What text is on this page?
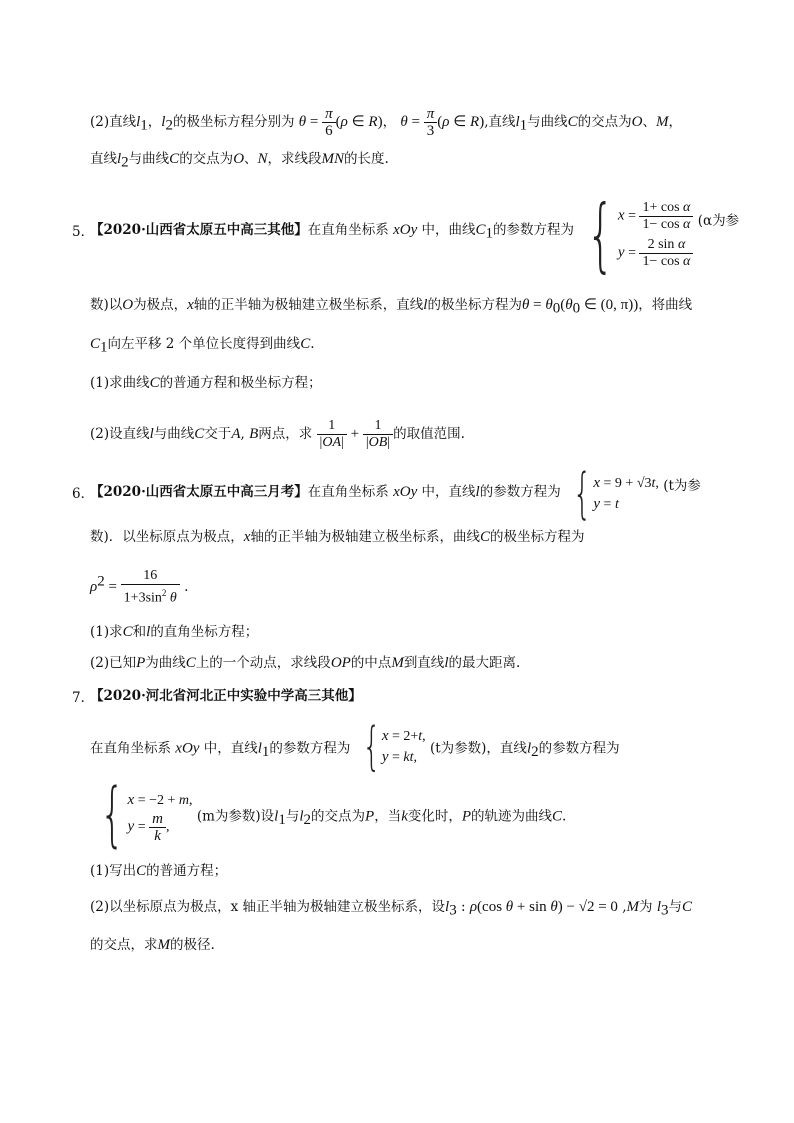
(2)直线$l_1$，$l_2$的极坐标方程分别为 $\theta = \frac{\pi}{6} (\rho$ ∈ R)， $\theta = \frac{\pi}{3} (\rho$ ∈ R),直线$l_1$与曲线C的交点为O、M，
直线$l_2$与曲线C的交点为O、N，求线段MN的长度.
5．
【2020·山西省太原五中高三其他】在直角坐标系 xOy 中，曲线$C_1$的参数方程为 { $x = \frac{\text{1+ cos α}}{\text{1− cos α}}$
$y = \frac{\text{2 sin α}}{\text{1− cos α}}$
(α为参
数)以O为极点，x轴的正半轴为极轴建立极坐标系，直线l的极坐标方程为$\theta = \theta_0(\theta_0$ ∈ (0, π))，将曲线
$C_1$向左平移 2 个单位长度得到曲线C.
(1)求曲线C的普通方程和极坐标方程；
(2)设直线l与曲线C交于A, B两点，求 $\frac{1}{|OA|} + \frac{1}{|OB|}$ 的取值范围.
6．
【2020·山西省太原五中高三月考】在直角坐标系 xOy 中，直线l的参数方程为 { x = 9 + √3t,
y = t
(t为参
数)．以坐标原点为极点，x轴的正半轴为极轴建立极坐标系，曲线C的极坐标方程为
$\rho^2 = \frac{16}{1+3\sin^2 \theta}$ .
(1)求C和l的直角坐标方程；
(2)已知P为曲线C上的一个动点，求线段OP的中点M到直线l的最大距离.
7．
【2020·河北省河北正中实验中学高三其他】
在直角坐标系 xOy 中，直线$l_1$的参数方程为 { x = 2+t,
y = kt,
(t为参数)，直线$l_2$的参数方程为
{ x = −2 + m,
$y = \frac{m}{k}$ ,
(m为参数)设$l_1$与$l_2$的交点为P，当k变化时，P的轨迹为曲线C.
(1)写出C的普通方程；
(2)以坐标原点为极点，x 轴正半轴为极轴建立极坐标系，设$l_3$ : ρ(cos θ + sin θ) − √2 = 0 ,M为 $l_3$与C
的交点，求M的极径.
